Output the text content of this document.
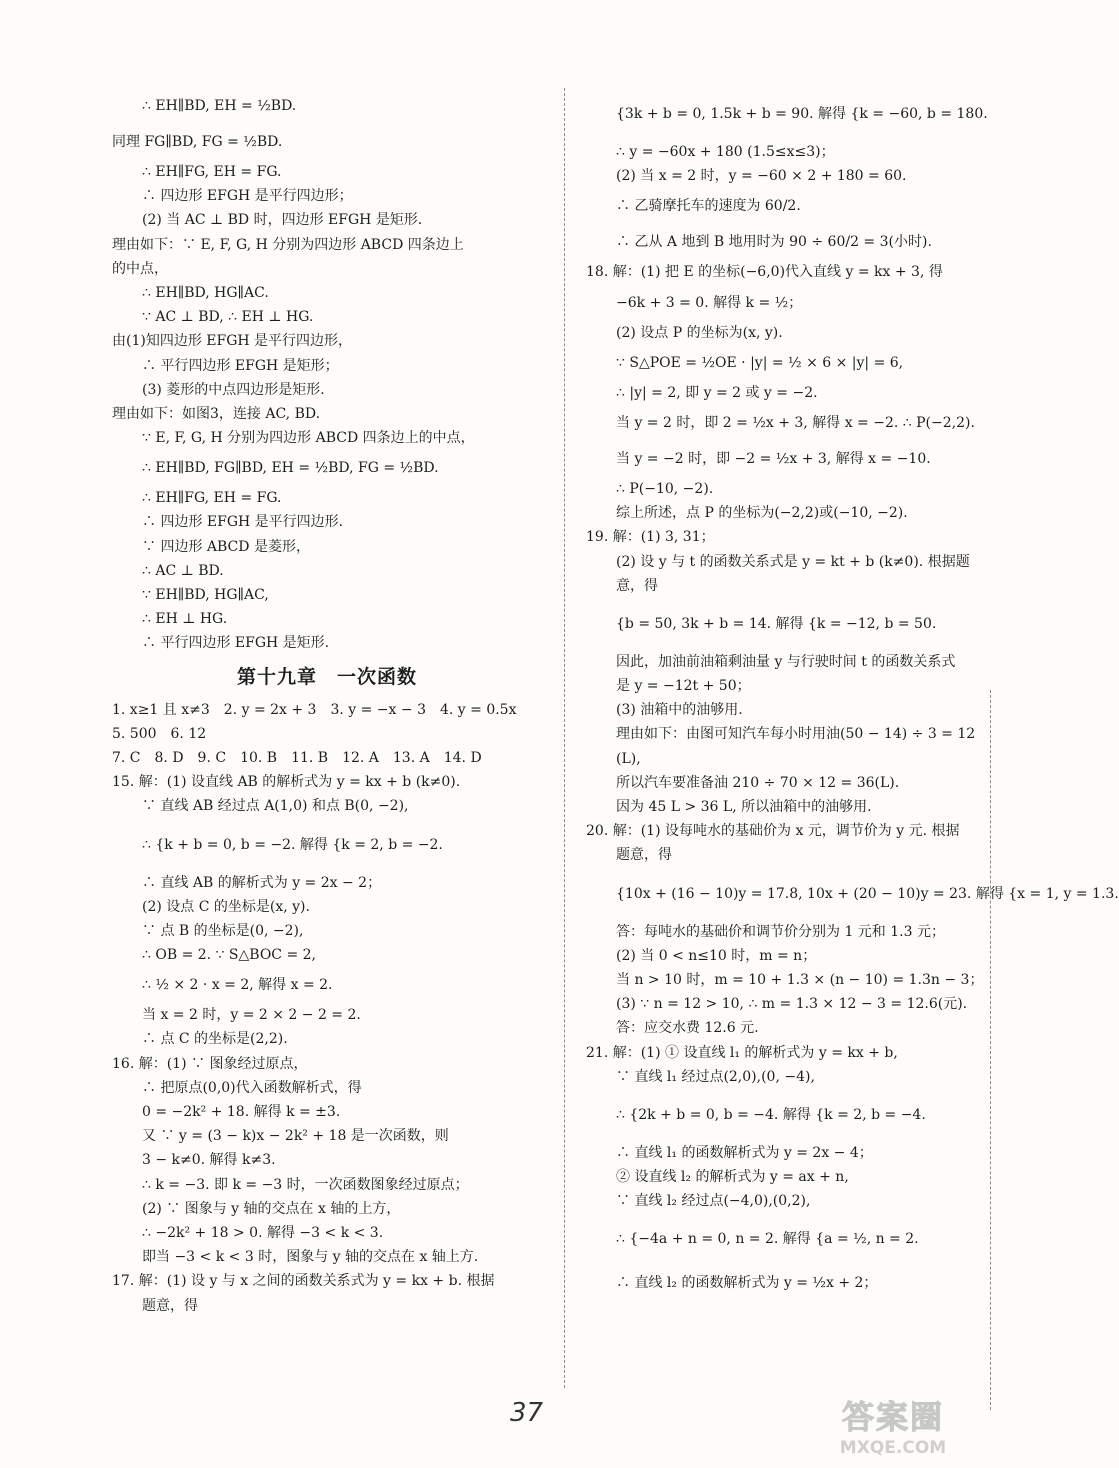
∴ EH∥BD, EH = ½BD.
同理 FG∥BD, FG = ½BD.
∴ EH∥FG, EH = FG.
∴ 四边形 EFGH 是平行四边形；
(2) 当 AC ⊥ BD 时，四边形 EFGH 是矩形.
理由如下：∵ E, F, G, H 分别为四边形 ABCD 四条边上
的中点，
∴ EH∥BD, HG∥AC.
∵ AC ⊥ BD, ∴ EH ⊥ HG.
由(1)知四边形 EFGH 是平行四边形，
∴ 平行四边形 EFGH 是矩形；
(3) 菱形的中点四边形是矩形.
理由如下：如图3，连接 AC, BD.
∵ E, F, G, H 分别为四边形 ABCD 四条边上的中点，
∴ EH∥BD, FG∥BD, EH = ½BD, FG = ½BD.
∴ EH∥FG, EH = FG.
∴ 四边形 EFGH 是平行四边形.
∵ 四边形 ABCD 是菱形，
∴ AC ⊥ BD.
∵ EH∥BD, HG∥AC,
∴ EH ⊥ HG.
∴ 平行四边形 EFGH 是矩形.
第十九章　一次函数
1. x≥1 且 x≠3　2. y = 2x + 3　3. y = −x − 3　4. y = 0.5x
5. 500　6. 12
7. C　8. D　9. C　10. B　11. B　12. A　13. A　14. D
15. 解：(1) 设直线 AB 的解析式为 y = kx + b (k≠0).
∵ 直线 AB 经过点 A(1,0) 和点 B(0, −2),
∴ {k + b = 0, b = −2. 解得 {k = 2, b = −2.
∴ 直线 AB 的解析式为 y = 2x − 2；
(2) 设点 C 的坐标是(x, y).
∵ 点 B 的坐标是(0, −2),
∴ OB = 2. ∵ S△BOC = 2,
∴ ½ × 2 · x = 2, 解得 x = 2.
当 x = 2 时，y = 2 × 2 − 2 = 2.
∴ 点 C 的坐标是(2,2).
16. 解：(1) ∵ 图象经过原点，
∴ 把原点(0,0)代入函数解析式，得
0 = −2k² + 18. 解得 k = ±3.
又 ∵ y = (3 − k)x − 2k² + 18 是一次函数，则
3 − k≠0. 解得 k≠3.
∴ k = −3. 即 k = −3 时，一次函数图象经过原点；
(2) ∵ 图象与 y 轴的交点在 x 轴的上方，
∴ −2k² + 18 > 0. 解得 −3 < k < 3.
即当 −3 < k < 3 时，图象与 y 轴的交点在 x 轴上方.
17. 解：(1) 设 y 与 x 之间的函数关系式为 y = kx + b. 根据
题意，得
{3k + b = 0, 1.5k + b = 90. 解得 {k = −60, b = 180.
∴ y = −60x + 180 (1.5≤x≤3)；
(2) 当 x = 2 时，y = −60 × 2 + 180 = 60.
∴ 乙骑摩托车的速度为 60/2.
∴ 乙从 A 地到 B 地用时为 90 ÷ 60/2 = 3(小时).
18. 解：(1) 把 E 的坐标(−6,0)代入直线 y = kx + 3, 得
−6k + 3 = 0. 解得 k = ½；
(2) 设点 P 的坐标为(x, y).
∵ S△POE = ½OE · |y| = ½ × 6 × |y| = 6,
∴ |y| = 2, 即 y = 2 或 y = −2.
当 y = 2 时，即 2 = ½x + 3, 解得 x = −2. ∴ P(−2,2).
当 y = −2 时，即 −2 = ½x + 3, 解得 x = −10.
∴ P(−10, −2).
综上所述，点 P 的坐标为(−2,2)或(−10, −2).
19. 解：(1) 3, 31；
(2) 设 y 与 t 的函数关系式是 y = kt + b (k≠0). 根据题
意，得
{b = 50, 3k + b = 14. 解得 {k = −12, b = 50.
因此，加油前油箱剩油量 y 与行驶时间 t 的函数关系式
是 y = −12t + 50；
(3) 油箱中的油够用.
理由如下：由图可知汽车每小时用油(50 − 14) ÷ 3 = 12
(L),
所以汽车要准备油 210 ÷ 70 × 12 = 36(L).
因为 45 L > 36 L, 所以油箱中的油够用.
20. 解：(1) 设每吨水的基础价为 x 元，调节价为 y 元. 根据
题意，得
{10x + (16 − 10)y = 17.8, 10x + (20 − 10)y = 23. 解得 {x = 1, y = 1.3.
答：每吨水的基础价和调节价分别为 1 元和 1.3 元；
(2) 当 0 < n≤10 时，m = n；
当 n > 10 时，m = 10 + 1.3 × (n − 10) = 1.3n − 3；
(3) ∵ n = 12 > 10, ∴ m = 1.3 × 12 − 3 = 12.6(元).
答：应交水费 12.6 元.
21. 解：(1) ① 设直线 l₁ 的解析式为 y = kx + b,
∵ 直线 l₁ 经过点(2,0),(0, −4),
∴ {2k + b = 0, b = −4. 解得 {k = 2, b = −4.
∴ 直线 l₁ 的函数解析式为 y = 2x − 4；
② 设直线 l₂ 的解析式为 y = ax + n,
∵ 直线 l₂ 经过点(−4,0),(0,2),
∴ {−4a + n = 0, n = 2. 解得 {a = ½, n = 2.
∴ 直线 l₂ 的函数解析式为 y = ½x + 2；
37	答案圈
MXQE.COM
